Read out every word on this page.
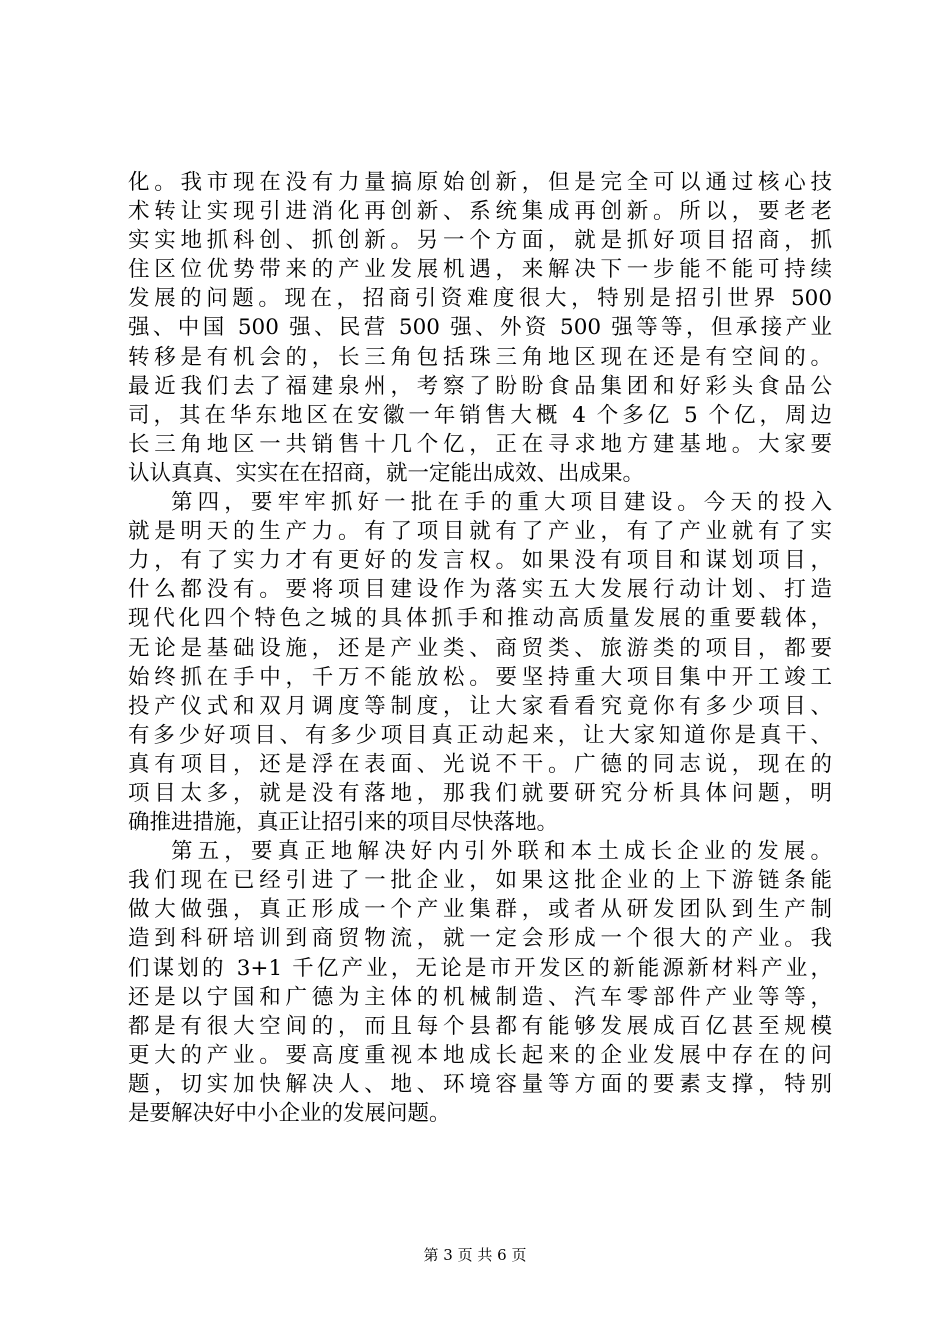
化。我市现在没有力量搞原始创新，但是完全可以通过核心技
术转让实现引进消化再创新、系统集成再创新。所以，要老老
实实地抓科创、抓创新。另一个方面，就是抓好项目招商，抓
住区位优势带来的产业发展机遇，来解决下一步能不能可持续
发展的问题。现在，招商引资难度很大，特别是招引世界 500
强、中国 500 强、民营 500 强、外资 500 强等等，但承接产业
转移是有机会的，长三角包括珠三角地区现在还是有空间的。
最近我们去了福建泉州，考察了盼盼食品集团和好彩头食品公
司，其在华东地区在安徽一年销售大概 4 个多亿 5 个亿，周边
长三角地区一共销售十几个亿，正在寻求地方建基地。大家要
认认真真、实实在在招商，就一定能出成效、出成果。
第四，要牢牢抓好一批在手的重大项目建设。今天的投入
就是明天的生产力。有了项目就有了产业，有了产业就有了实
力，有了实力才有更好的发言权。如果没有项目和谋划项目，
什么都没有。要将项目建设作为落实五大发展行动计划、打造
现代化四个特色之城的具体抓手和推动高质量发展的重要载体，
无论是基础设施，还是产业类、商贸类、旅游类的项目，都要
始终抓在手中，千万不能放松。要坚持重大项目集中开工竣工
投产仪式和双月调度等制度，让大家看看究竟你有多少项目、
有多少好项目、有多少项目真正动起来，让大家知道你是真干、
真有项目，还是浮在表面、光说不干。广德的同志说，现在的
项目太多，就是没有落地，那我们就要研究分析具体问题，明
确推进措施，真正让招引来的项目尽快落地。
第五，要真正地解决好内引外联和本土成长企业的发展。
我们现在已经引进了一批企业，如果这批企业的上下游链条能
做大做强，真正形成一个产业集群，或者从研发团队到生产制
造到科研培训到商贸物流，就一定会形成一个很大的产业。我
们谋划的 3+1 千亿产业，无论是市开发区的新能源新材料产业，
还是以宁国和广德为主体的机械制造、汽车零部件产业等等，
都是有很大空间的，而且每个县都有能够发展成百亿甚至规模
更大的产业。要高度重视本地成长起来的企业发展中存在的问
题，切实加快解决人、地、环境容量等方面的要素支撑，特别
是要解决好中小企业的发展问题。
第 3 页 共 6 页
